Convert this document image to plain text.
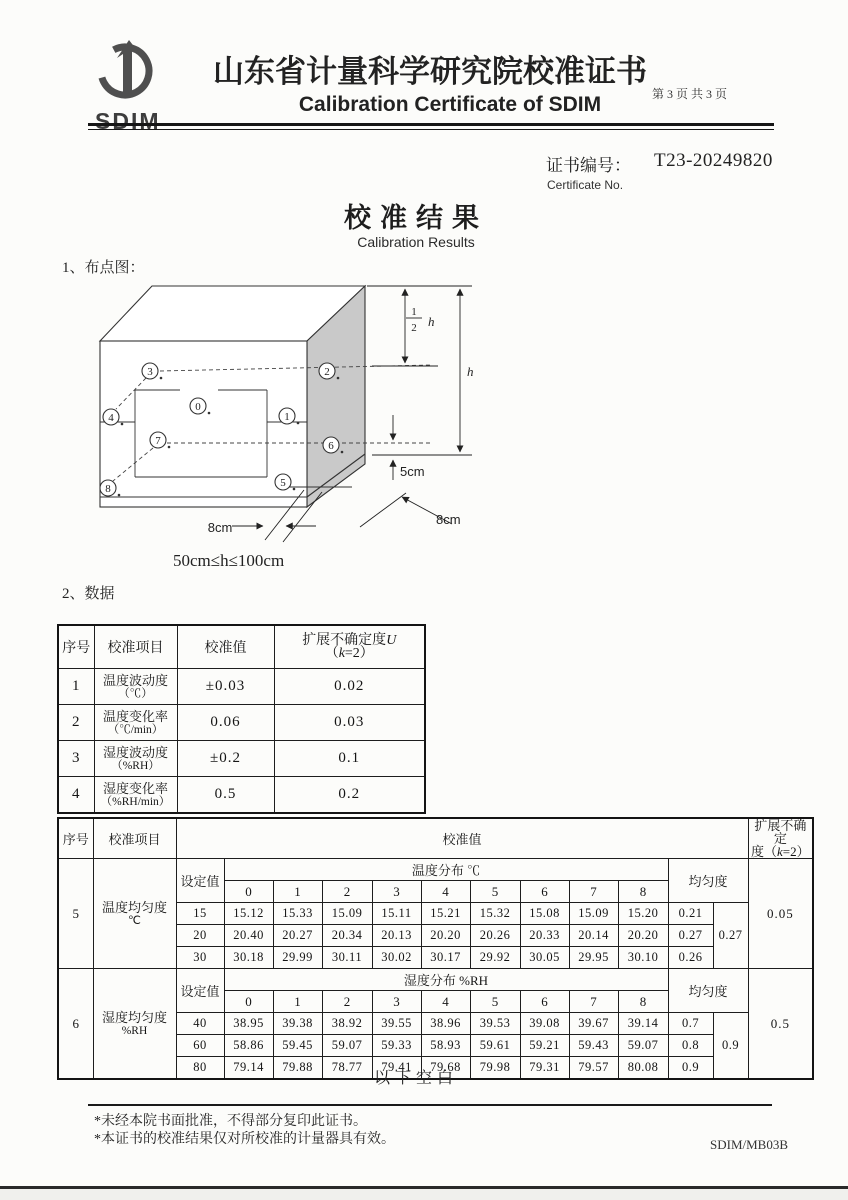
SDIM
山东省计量科学研究院校准证书
第 3 页 共 3 页
Calibration Certificate of SDIM
证书编号： T23-20249820
Certificate No.
校准结果
Calibration Results
1、布点图：
1
2 h
h
5cm
8cm
8cm
0
1
2
3
4
5
6
7
8
50cm≤h≤100cm
2、数据
序号	校准项目	校准值	扩展不确定度U
（k=2）
1	温度波动度
（℃）	±0.03	0.02
2	温度变化率
（℃/min）	0.06	0.03
3	湿度波动度
（%RH）	±0.2	0.1
4	湿度变化率
（%RH/min）	0.5	0.2
序号	校准项目	校准值												扩展不确定
度（k=2）
5	温度均匀度
℃	设定值	温度分布 ℃									均匀度		0.05
			0	1	2	3	4	5	6	7	8			
		15	15.12	15.33	15.09	15.11	15.21	15.32	15.08	15.09	15.20	0.21	0.27	
		20	20.40	20.27	20.34	20.13	20.20	20.26	20.33	20.14	20.20	0.27		
		30	30.18	29.99	30.11	30.02	30.17	29.92	30.05	29.95	30.10	0.26		
6	湿度均匀度
%RH	设定值	湿度分布 %RH									均匀度		0.5
			0	1	2	3	4	5	6	7	8			
		40	38.95	39.38	38.92	39.55	38.96	39.53	39.08	39.67	39.14	0.7	0.9	
		60	58.86	59.45	59.07	59.33	58.93	59.61	59.21	59.43	59.07	0.8		
		80	79.14	79.88	78.77	79.41	79.68	79.98	79.31	79.57	80.08	0.9		
以下空白
*未经本院书面批准，不得部分复印此证书。
*本证书的校准结果仅对所校准的计量器具有效。	SDIM/MB03B
